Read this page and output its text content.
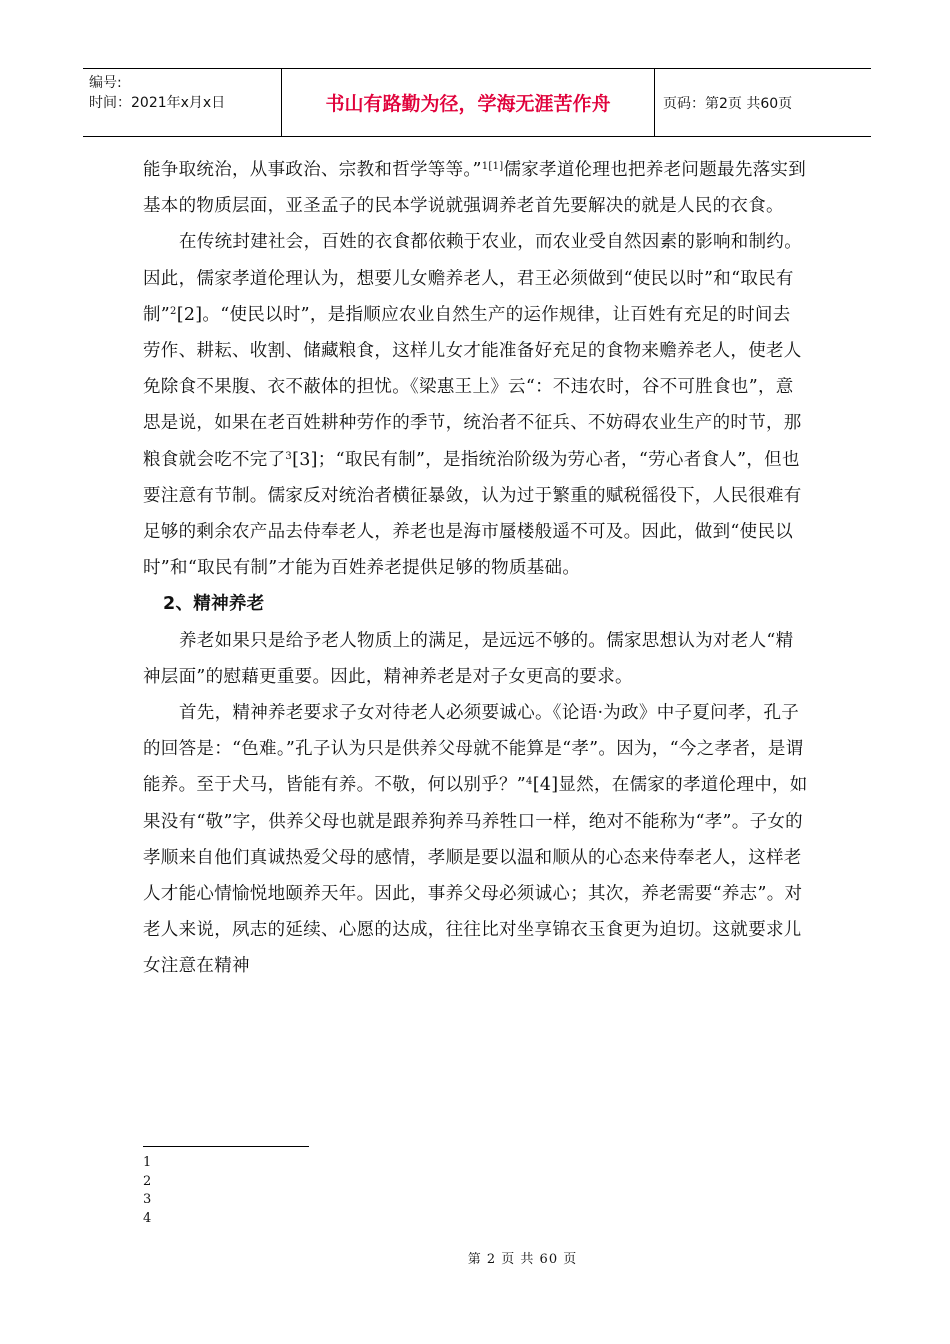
编号:
时间：2021年x月x日	书山有路勤为径，学海无涯苦作舟	页码：第2页 共60页

能争取统治，从事政治、宗教和哲学等等。”$^{1[1]}$儒家孝道伦理也把养老问题最先落实到基本的物质层面，亚圣孟子的民本学说就强调养老首先要解决的就是人民的衣食。

在传统封建社会，百姓的衣食都依赖于农业，而农业受自然因素的影响和制约。因此，儒家孝道伦理认为，想要儿女赡养老人，君王必须做到“使民以时”和“取民有制”$^2$[2]。“使民以时”，是指顺应农业自然生产的运作规律，让百姓有充足的时间去劳作、耕耘、收割、储藏粮食，这样儿女才能准备好充足的食物来赡养老人，使老人免除食不果腹、衣不蔽体的担忧。《梁惠王上》云“：不违农时，谷不可胜食也”，意思是说，如果在老百姓耕种劳作的季节，统治者不征兵、不妨碍农业生产的时节，那粮食就会吃不完了$^3$[3]；“取民有制”，是指统治阶级为劳心者，“劳心者食人”，但也要注意有节制。儒家反对统治者横征暴敛，认为过于繁重的赋税徭役下，人民很难有足够的剩余农产品去侍奉老人，养老也是海市蜃楼般遥不可及。因此，做到“使民以时”和“取民有制”才能为百姓养老提供足够的物质基础。

2、精神养老

养老如果只是给予老人物质上的满足，是远远不够的。儒家思想认为对老人“精神层面”的慰藉更重要。因此，精神养老是对子女更高的要求。

首先，精神养老要求子女对待老人必须要诚心。《论语·为政》中子夏问孝，孔子的回答是：“色难。”孔子认为只是供养父母就不能算是“孝”。因为，“今之孝者，是谓能养。至于犬马，皆能有养。不敬，何以别乎？”$^4$[4]显然，在儒家的孝道伦理中，如果没有“敬”字，供养父母也就是跟养狗养马养牲口一样，绝对不能称为“孝”。子女的孝顺来自他们真诚热爱父母的感情，孝顺是要以温和顺从的心态来侍奉老人，这样老人才能心情愉悦地颐养天年。因此，事养父母必须诚心；其次，养老需要“养志”。对老人来说，夙志的延续、心愿的达成，往往比对坐享锦衣玉食更为迫切。这就要求儿女注意在精神

1
2
3
4
第 2 页 共 60 页
